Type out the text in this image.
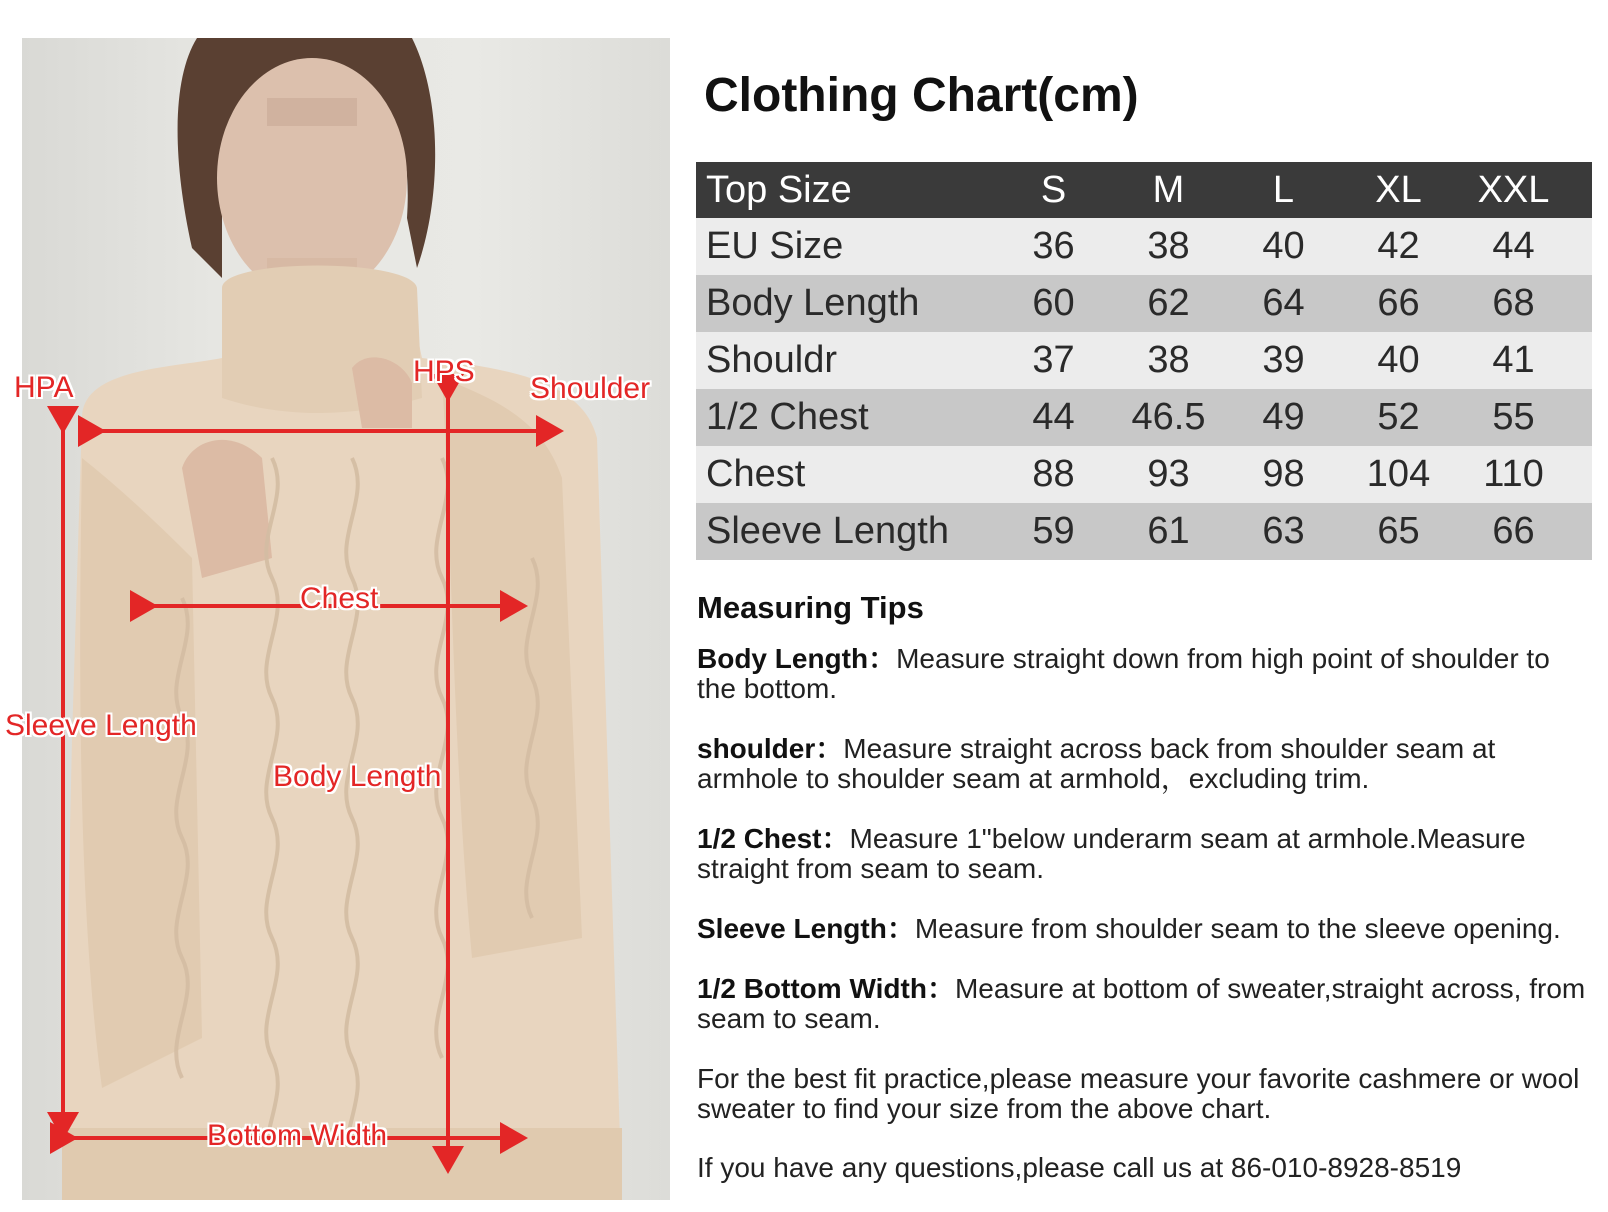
HPA	HPS
Shoulder
Chest
Sleeve Length
Body Length
Bottom Width
Clothing Chart(cm)
Top Size	S	M	L	XL	XXL
EU Size	36	38	40	42	44
Body Length	60	62	64	66	68
Shouldr	37	38	39	40	41
1/2 Chest	44	46.5	49	52	55
Chest	88	93	98	104	110
Sleeve Length	59	61	63	65	66
Measuring Tips
Body Length：Measure straight down from high point of shoulder to the bottom.
shoulder：Measure straight across back from shoulder seam at armhole to shoulder seam at armhold，excluding trim.
1/2 Chest：Measure 1"below underarm seam at armhole.Measure straight from seam to seam.
Sleeve Length：Measure from shoulder seam to the sleeve opening.
1/2 Bottom Width：Measure at bottom of sweater,straight across, from seam to seam.
For the best fit practice,please measure your favorite cashmere or wool sweater to find your size from the above chart.
If you have any questions,please call us at 86-010-8928-8519
